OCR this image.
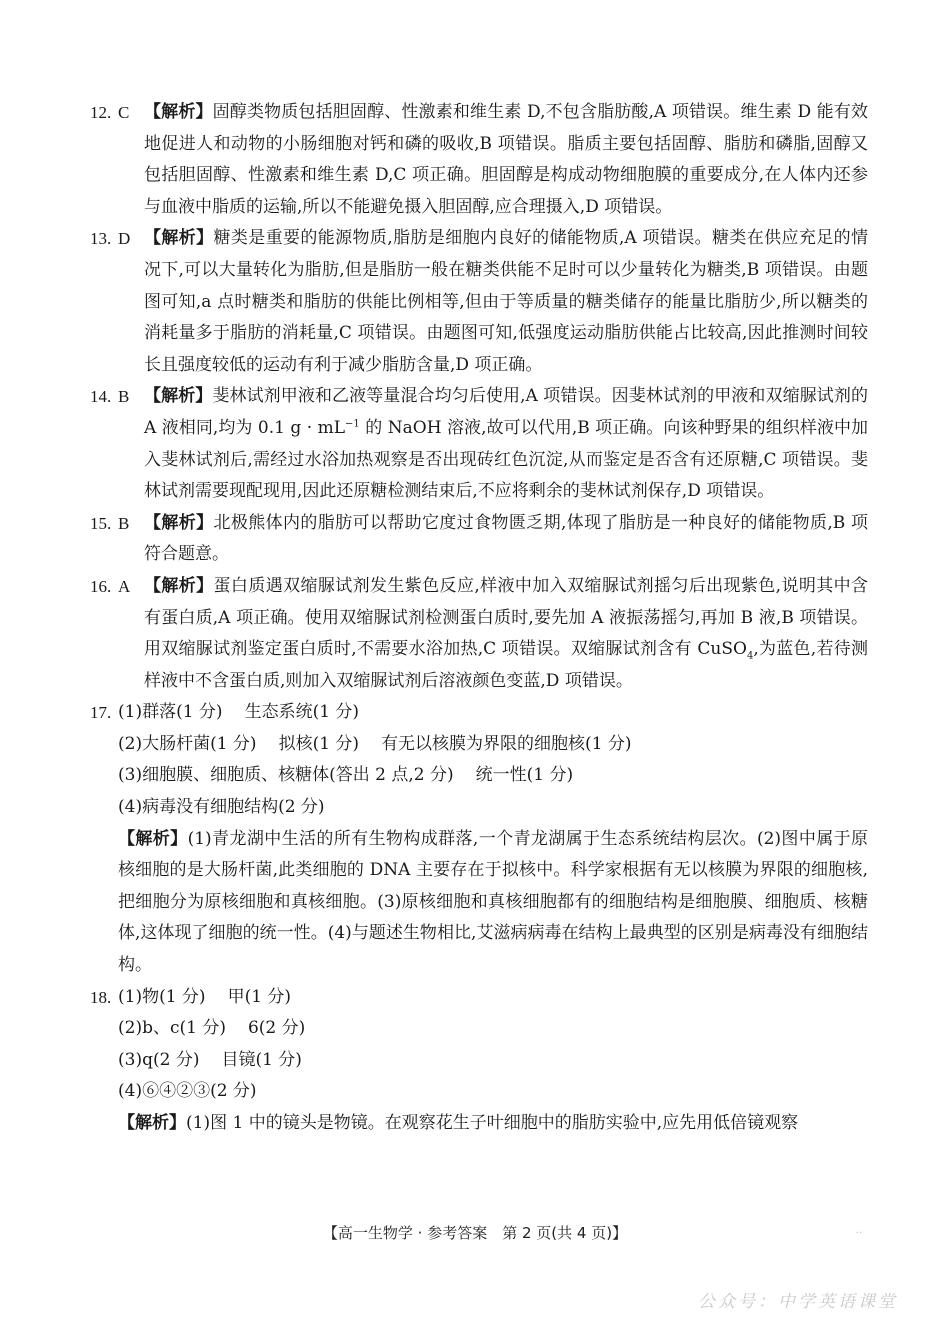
12. C 【解析】固醇类物质包括胆固醇、性激素和维生素 D,不包含脂肪酸,A 项错误。维生素 D 能有效地促进人和动物的小肠细胞对钙和磷的吸收,B 项错误。脂质主要包括固醇、脂肪和磷脂,固醇又包括胆固醇、性激素和维生素 D,C 项正确。胆固醇是构成动物细胞膜的重要成分,在人体内还参与血液中脂质的运输,所以不能避免摄入胆固醇,应合理摄入,D 项错误。
13. D 【解析】糖类是重要的能源物质,脂肪是细胞内良好的储能物质,A 项错误。糖类在供应充足的情况下,可以大量转化为脂肪,但是脂肪一般在糖类供能不足时可以少量转化为糖类,B 项错误。由题图可知,a 点时糖类和脂肪的供能比例相等,但由于等质量的糖类储存的能量比脂肪少,所以糖类的消耗量多于脂肪的消耗量,C 项错误。由题图可知,低强度运动脂肪供能占比较高,因此推测时间较长且强度较低的运动有利于减少脂肪含量,D 项正确。
14. B 【解析】斐林试剂甲液和乙液等量混合均匀后使用,A 项错误。因斐林试剂的甲液和双缩脲试剂的 A 液相同,均为 0.1 $g \cdot mL^{-1}$ 的 NaOH 溶液,故可以代用,B 项正确。向该种野果的组织样液中加入斐林试剂后,需经过水浴加热观察是否出现砖红色沉淀,从而鉴定是否含有还原糖,C 项错误。斐林试剂需要现配现用,因此还原糖检测结束后,不应将剩余的斐林试剂保存,D 项错误。
15. B 【解析】北极熊体内的脂肪可以帮助它度过食物匮乏期,体现了脂肪是一种良好的储能物质,B 项符合题意。
16. A 【解析】蛋白质遇双缩脲试剂发生紫色反应,样液中加入双缩脲试剂摇匀后出现紫色,说明其中含有蛋白质,A 项正确。使用双缩脲试剂检测蛋白质时,要先加 A 液振荡摇匀,再加 B 液,B 项错误。用双缩脲试剂鉴定蛋白质时,不需要水浴加热,C 项错误。双缩脲试剂含有 CuSO$_4$,为蓝色,若待测样液中不含蛋白质,则加入双缩脲试剂后溶液颜色变蓝,D 项错误。
17. (1)群落(1 分) 生态系统(1 分)
(2)大肠杆菌(1 分) 拟核(1 分) 有无以核膜为界限的细胞核(1 分)
(3)细胞膜、细胞质、核糖体(答出 2 点,2 分) 统一性(1 分)
(4)病毒没有细胞结构(2 分)
【解析】(1)青龙湖中生活的所有生物构成群落,一个青龙湖属于生态系统结构层次。(2)图中属于原核细胞的是大肠杆菌,此类细胞的 DNA 主要存在于拟核中。科学家根据有无以核膜为界限的细胞核,把细胞分为原核细胞和真核细胞。(3)原核细胞和真核细胞都有的细胞结构是细胞膜、细胞质、核糖体,这体现了细胞的统一性。(4)与题述生物相比,艾滋病病毒在结构上最典型的区别是病毒没有细胞结构。
18. (1)物(1 分) 甲(1 分)
(2)b、c(1 分) 6(2 分)
(3)q(2 分) 目镜(1 分)
(4)⑥④②③(2 分)
【解析】(1)图 1 中的镜头是物镜。在观察花生子叶细胞中的脂肪实验中,应先用低倍镜观察
【高一生物学 · 参考答案　第 2 页(共 4 页)】	··
公众号：中学英语课堂
